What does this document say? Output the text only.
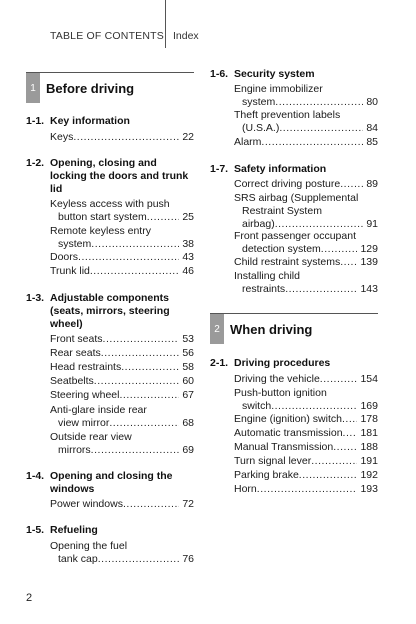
TABLE OF CONTENTS Index
1 Before driving
1-1. Key information
Keys . . .	22
1-2. Opening, closing and locking the doors and trunk lid
Keyless access with push
button start system . . .	25
Remote keyless entry
system . . .	38
Doors . . .	43
Trunk lid . . .	46
1-3. Adjustable components (seats, mirrors, steering wheel)
Front seats . . .	53
Rear seats . . .	56
Head restraints . . .	58
Seatbelts . . .	60
Steering wheel . . .	67
Anti-glare inside rear
view mirror . . .	68
Outside rear view
mirrors . . .	69
1-4. Opening and closing the windows
Power windows . . .	72
1-5. Refueling
Opening the fuel
tank cap . . .	76
1-6. Security system
Engine immobilizer
system . . .	80
Theft prevention labels
(U.S.A.) . . .	84
Alarm . . .	85
1-7. Safety information
Correct driving posture . . . 89
SRS airbag (Supplemental
Restraint System
airbag) . . .	91
Front passenger occupant
detection system . . .	129
Child restraint systems . . . 139
Installing child
restraints . . .	143
2 When driving
2-1. Driving procedures
Driving the vehicle . . .	154
Push-button ignition
switch . . .	169
Engine (ignition) switch . . . 178
Automatic transmission . . . 181
Manual Transmission . . .	188
Turn signal lever . . .	191
Parking brake . . .	192
Horn . . .	193
2
